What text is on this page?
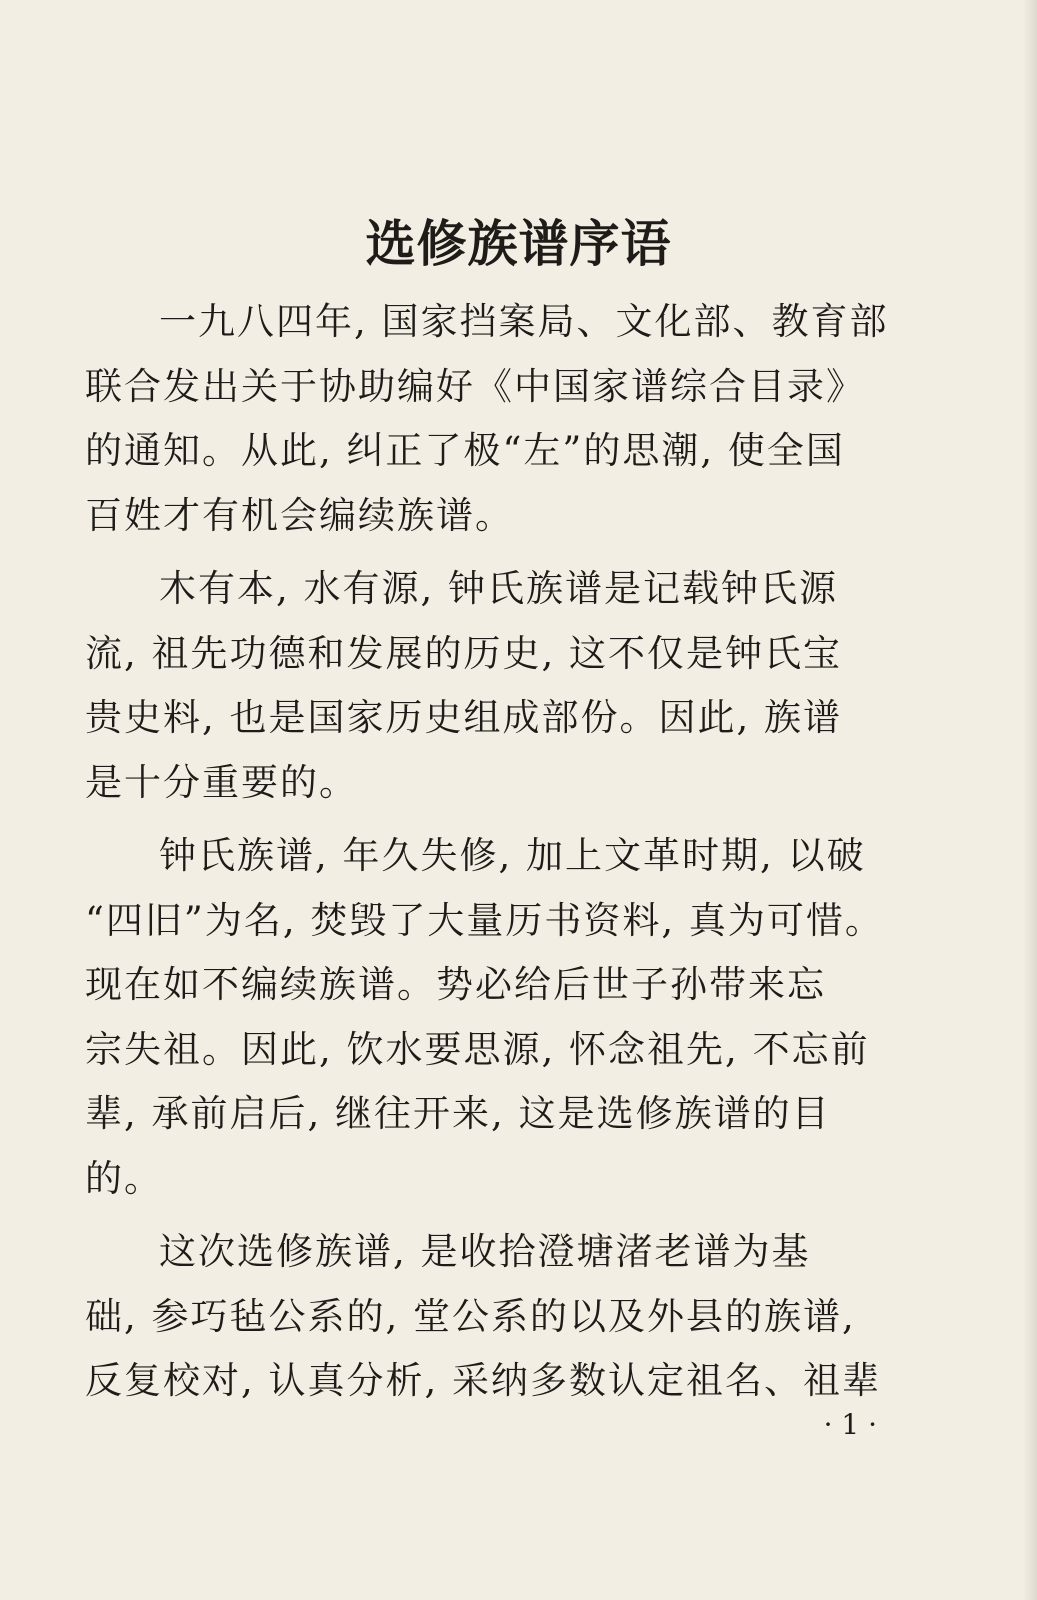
选修族谱序语
一九八四年, 国家挡案局、文化部、教育部
联合发出关于协助编好《中国家谱综合目录》
的通知。从此, 纠正了极“左”的思潮, 使全国
百姓才有机会编续族谱。
木有本, 水有源, 钟氏族谱是记载钟氏源
流, 祖先功德和发展的历史, 这不仅是钟氏宝
贵史料, 也是国家历史组成部份。因此, 族谱
是十分重要的。
钟氏族谱, 年久失修, 加上文革时期, 以破
“四旧”为名, 焚毁了大量历书资料, 真为可惜。
现在如不编续族谱。势必给后世子孙带来忘
宗失祖。因此, 饮水要思源, 怀念祖先, 不忘前
辈, 承前启后, 继往开来, 这是选修族谱的目
的。
这次选修族谱, 是收拾澄塘渚老谱为基
础, 参巧毡公系的, 堂公系的以及外县的族谱,
反复校对, 认真分析, 采纳多数认定祖名、祖辈
· 1 ·
